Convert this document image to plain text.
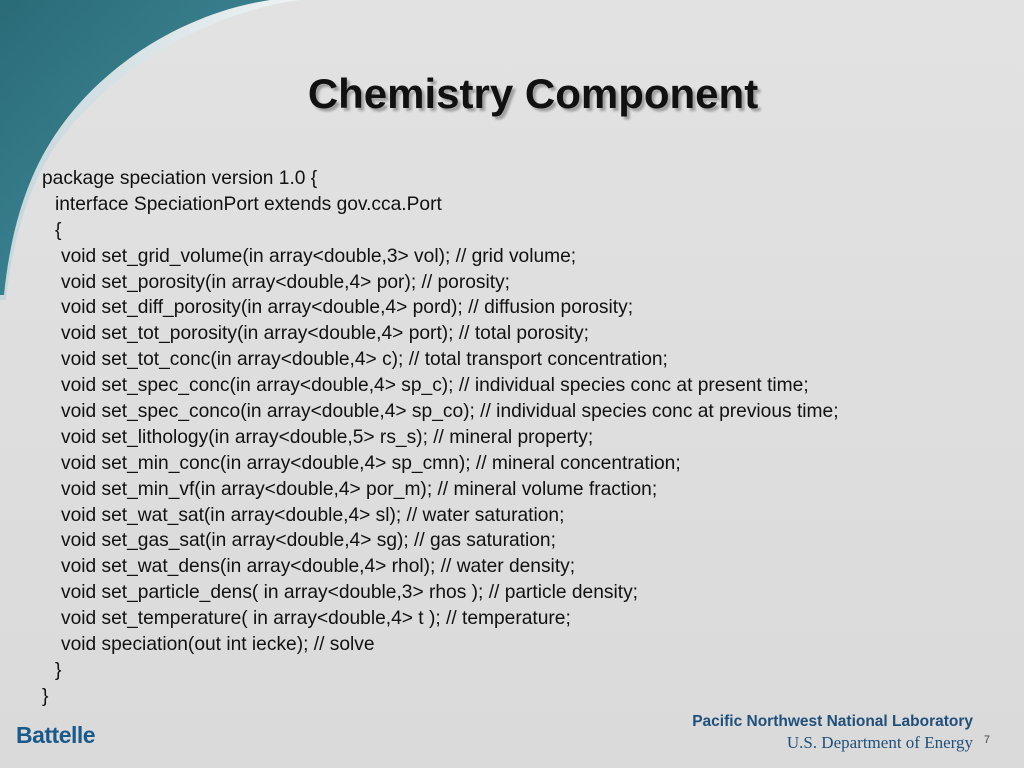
Chemistry Component
package speciation version 1.0 {
interface SpeciationPort extends gov.cca.Port
{
void set_grid_volume(in array<double,3> vol); // grid volume;
void set_porosity(in array<double,4> por); // porosity;
void set_diff_porosity(in array<double,4> pord); // diffusion porosity;
void set_tot_porosity(in array<double,4> port); // total porosity;
void set_tot_conc(in array<double,4> c); // total transport concentration;
void set_spec_conc(in array<double,4> sp_c); // individual species conc at present time;
void set_spec_conco(in array<double,4> sp_co); // individual species conc at previous time;
void set_lithology(in array<double,5> rs_s); // mineral property;
void set_min_conc(in array<double,4> sp_cmn); // mineral concentration;
void set_min_vf(in array<double,4> por_m); // mineral volume fraction;
void set_wat_sat(in array<double,4> sl); // water saturation;
void set_gas_sat(in array<double,4> sg); // gas saturation;
void set_wat_dens(in array<double,4> rhol); // water density;
void set_particle_dens( in array<double,3> rhos ); // particle density;
void set_temperature( in array<double,4> t ); // temperature;
void speciation(out int iecke); // solve
}
}
Battelle
Pacific Northwest National Laboratory
U.S. Department of Energy 7
